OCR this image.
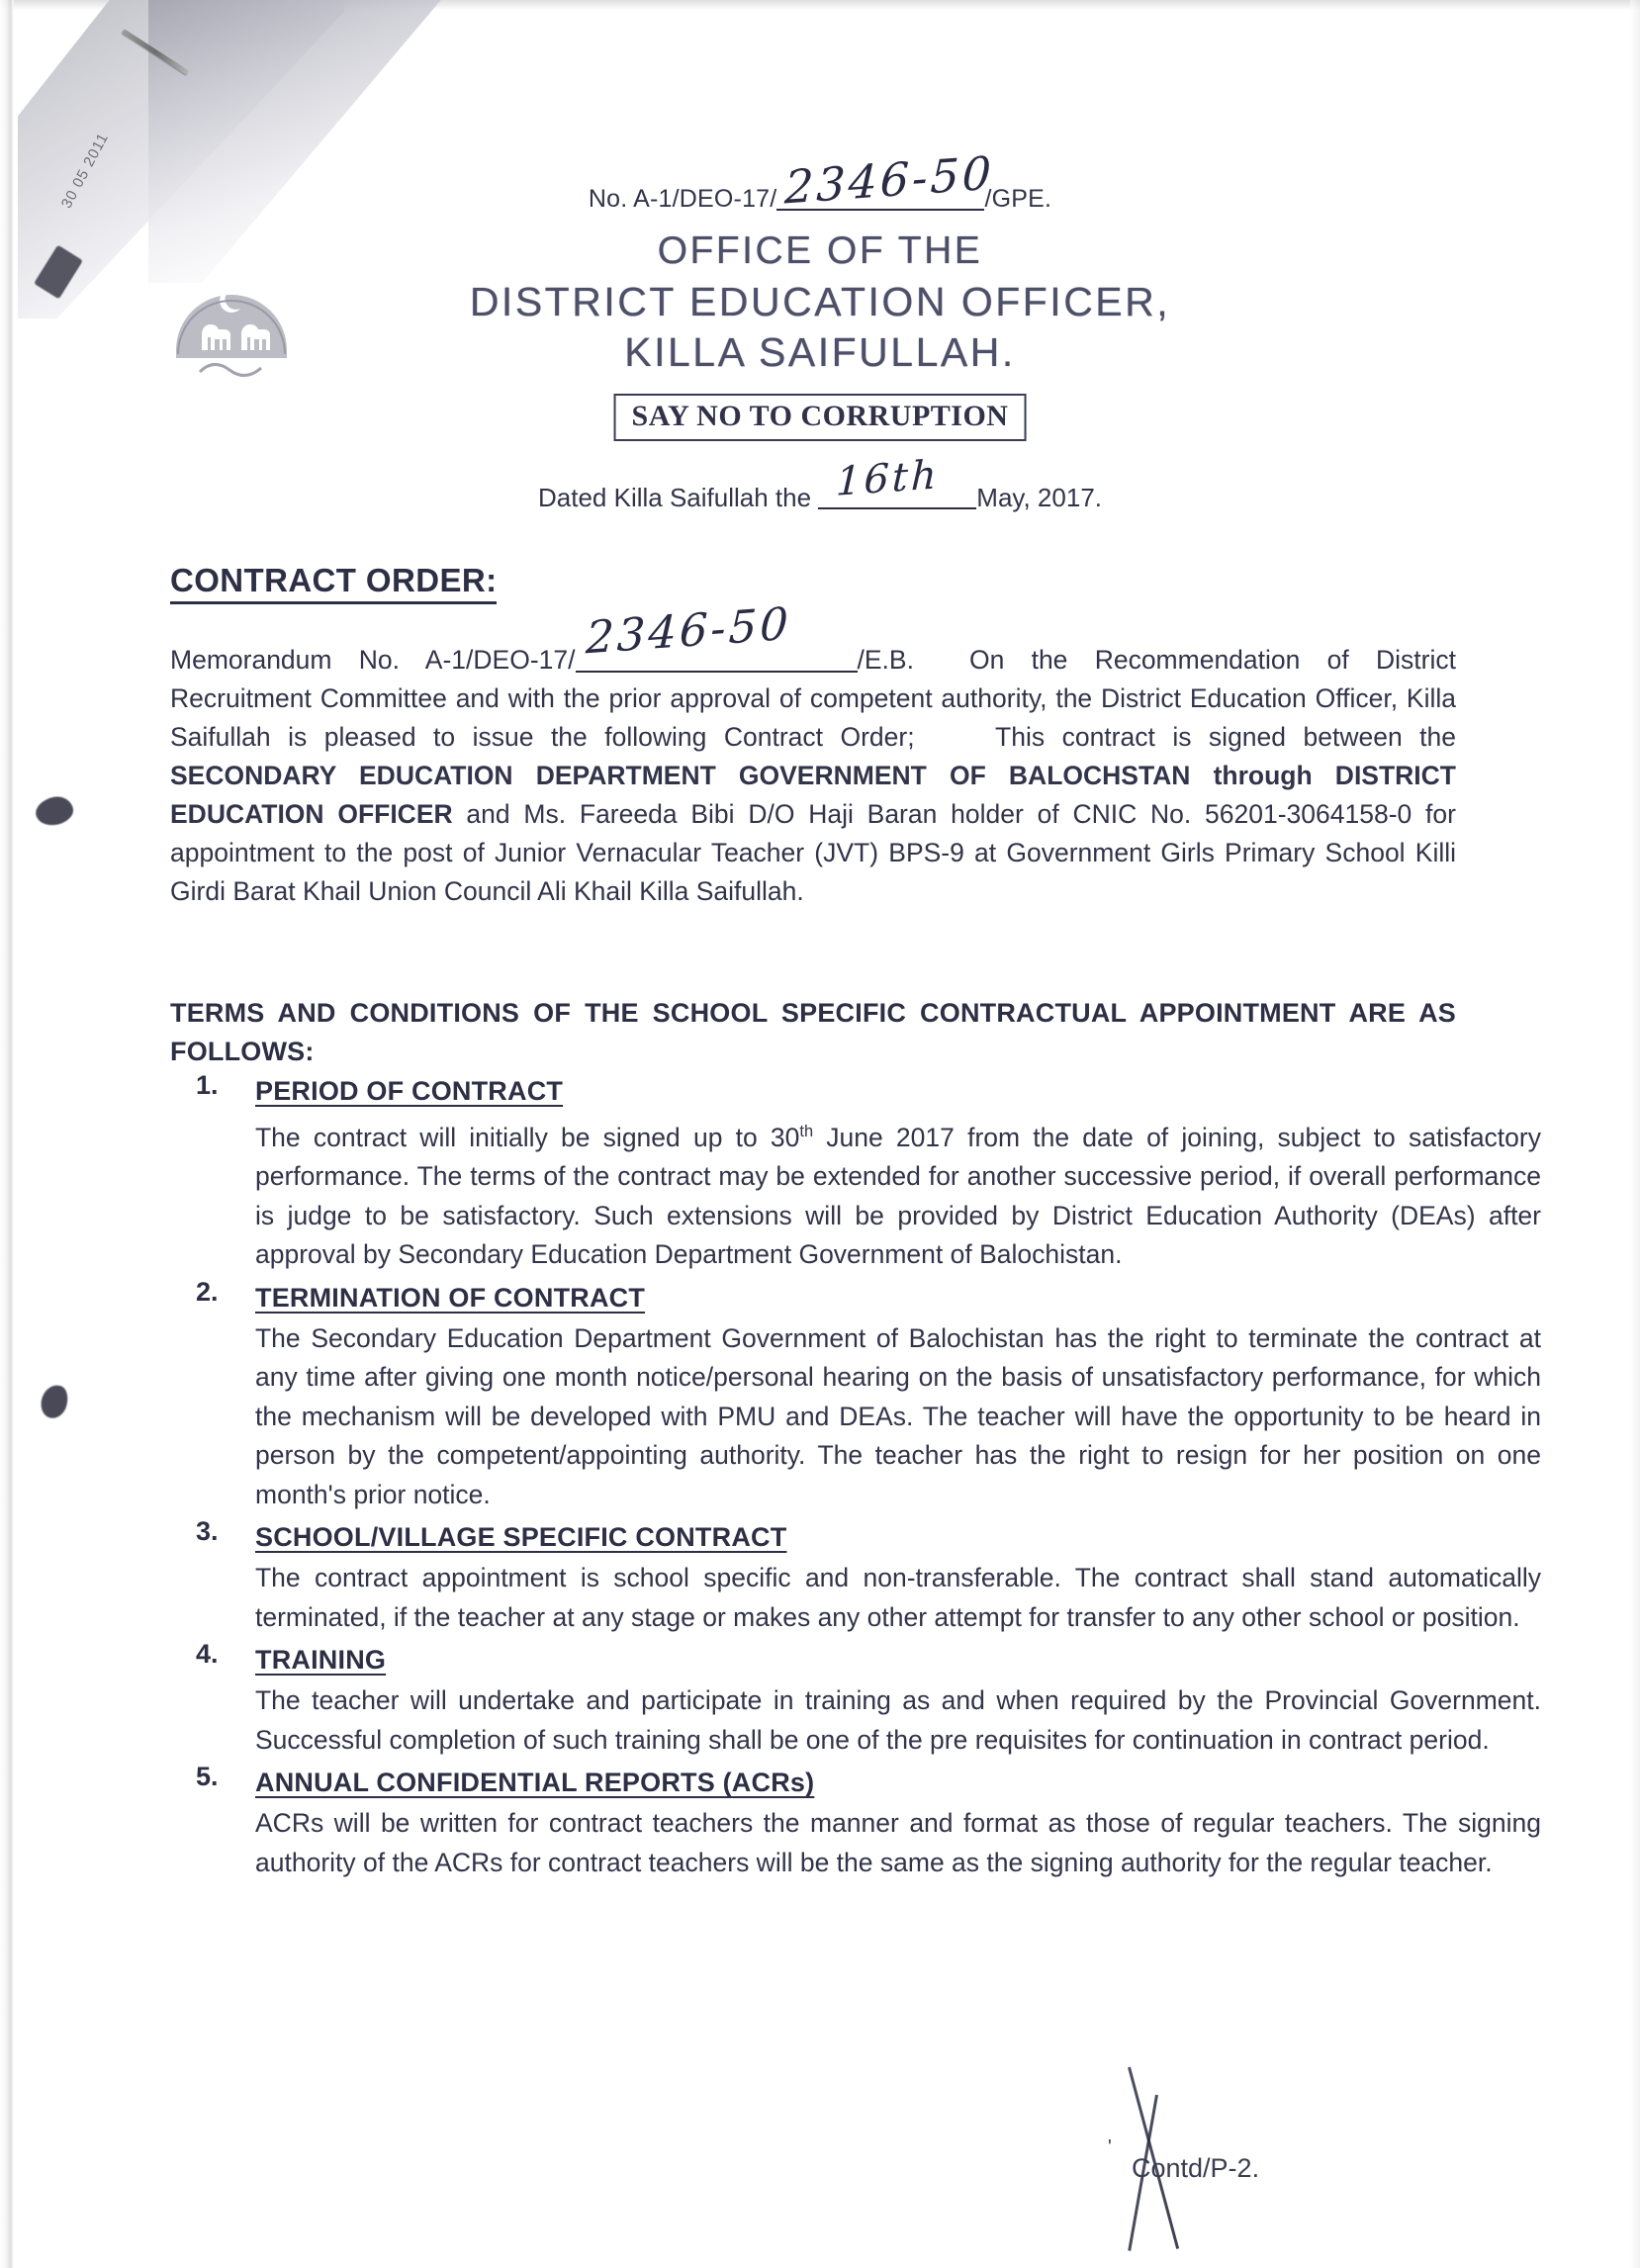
30 05 2011	No. A-1/DEO-17/ 2346-50
/GPE.
OFFICE OF THE
DISTRICT EDUCATION OFFICER,
KILLA SAIFULLAH.
SAY NO TO CORRUPTION
Dated Killa Saifullah the 16th May, 2017.
CONTRACT ORDER:
Memorandum No. A-1/DEO-17/ 2346-50	/E.B. On the Recommendation of District Recruitment Committee and with the prior approval of competent authority, the District Education Officer, Killa Saifullah is pleased to issue the following Contract Order;	This contract is signed between the SECONDARY EDUCATION DEPARTMENT GOVERNMENT OF BALOCHSTAN through DISTRICT EDUCATION OFFICER and Ms. Fareeda Bibi D/O Haji Baran holder of CNIC No. 56201-3064158-0 for appointment to the post of Junior Vernacular Teacher (JVT) BPS-9 at Government Girls Primary School Killi Girdi Barat Khail Union Council Ali Khail Killa Saifullah.
TERMS AND CONDITIONS OF THE SCHOOL SPECIFIC CONTRACTUAL APPOINTMENT ARE AS FOLLOWS:
PERIOD OF CONTRACT
The contract will initially be signed up to 30th June 2017 from the date of joining, subject to satisfactory performance. The terms of the contract may be extended for another successive period, if overall performance is judge to be satisfactory. Such extensions will be provided by District Education Authority (DEAs) after approval by Secondary Education Department Government of Balochistan.
TERMINATION OF CONTRACT
The Secondary Education Department Government of Balochistan has the right to terminate the contract at any time after giving one month notice/personal hearing on the basis of unsatisfactory performance, for which the mechanism will be developed with PMU and DEAs. The teacher will have the opportunity to be heard in person by the competent/appointing authority. The teacher has the right to resign for her position on one month's prior notice.
SCHOOL/VILLAGE SPECIFIC CONTRACT
The contract appointment is school specific and non-transferable. The contract shall stand automatically terminated, if the teacher at any stage or makes any other attempt for transfer to any other school or position.
TRAINING
The teacher will undertake and participate in training as and when required by the Provincial Government. Successful completion of such training shall be one of the pre requisites for continuation in contract period.
ANNUAL CONFIDENTIAL REPORTS (ACRs)
ACRs will be written for contract teachers the manner and format as those of regular teachers. The signing authority of the ACRs for contract teachers will be the same as the signing authority for the regular teacher.
'
Contd/P-2.
